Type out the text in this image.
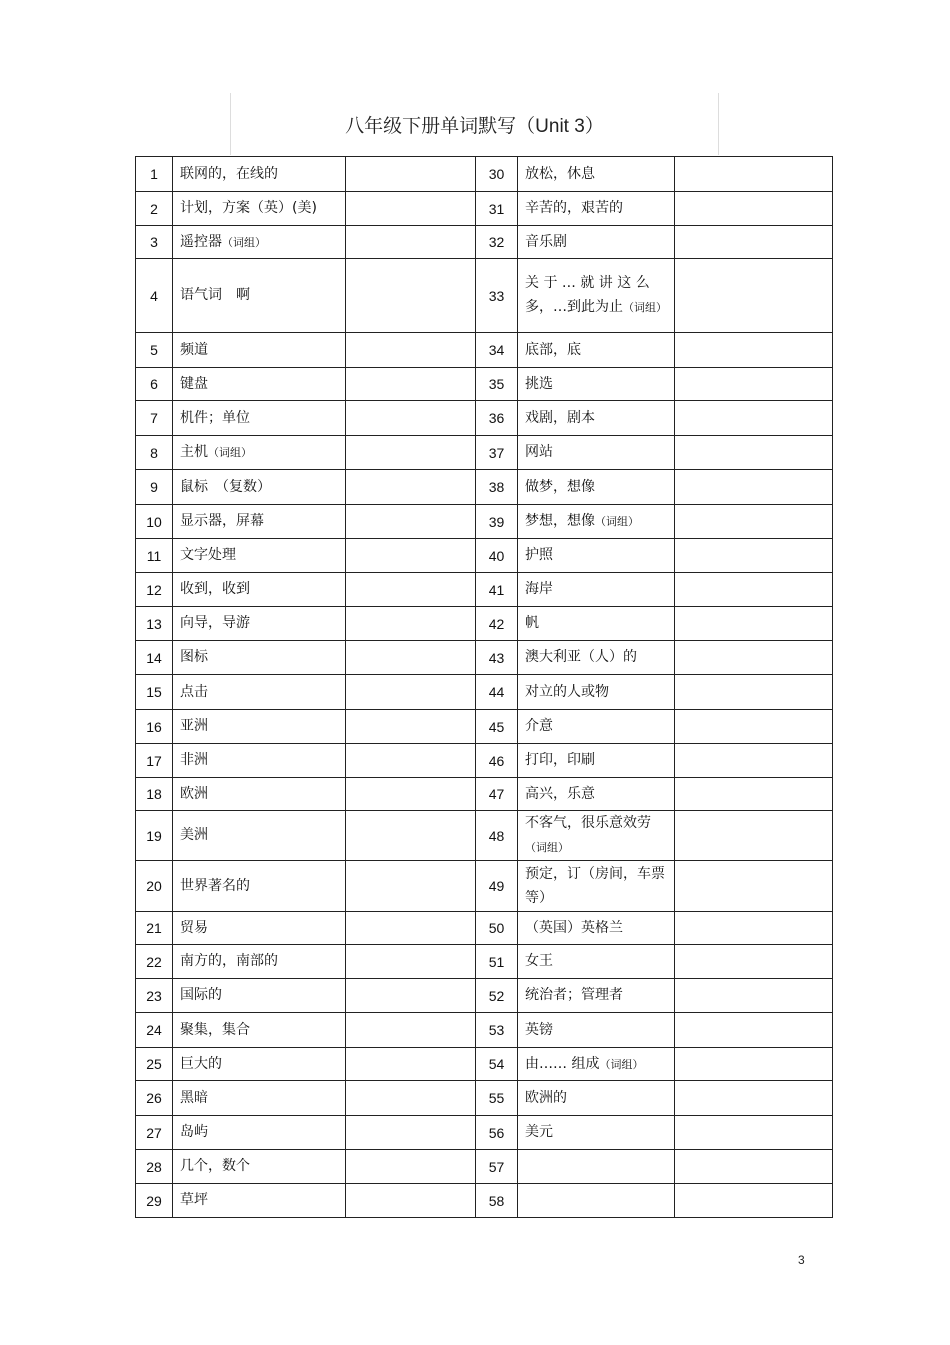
八年级下册单词默写（Unit 3）
1	联网的，在线的		30	放松，休息	
2	计划，方案（英）(美)		31	辛苦的，艰苦的	
3	遥控器（词组）		32	音乐剧	
4	语气词　啊		33	关 于 … 就 讲 这 么 多，…到此为止（词组）	
5	频道		34	底部，底	
6	键盘		35	挑选	
7	机件；单位		36	戏剧，剧本	
8	主机（词组）		37	网站	
9	鼠标　（复数）		38	做梦，想像	
10	显示器，屏幕		39	梦想，想像（词组）	
11	文字处理		40	护照	
12	收到，收到		41	海岸	
13	向导，导游		42	帆	
14	图标		43	澳大利亚（人）的	
15	点击		44	对立的人或物	
16	亚洲		45	介意	
17	非洲		46	打印，印刷	
18	欧洲		47	高兴，乐意	
19	美洲		48	不客气，很乐意效劳（词组）	
20	世界著名的		49	预定，订（房间，车票等）	
21	贸易		50	（英国）英格兰	
22	南方的，南部的		51	女王	
23	国际的		52	统治者；管理者	
24	聚集，集合		53	英镑	
25	巨大的		54	由…… 组成（词组）	
26	黑暗		55	欧洲的	
27	岛屿		56	美元	
28	几个，数个		57		
29	草坪		58		
3
